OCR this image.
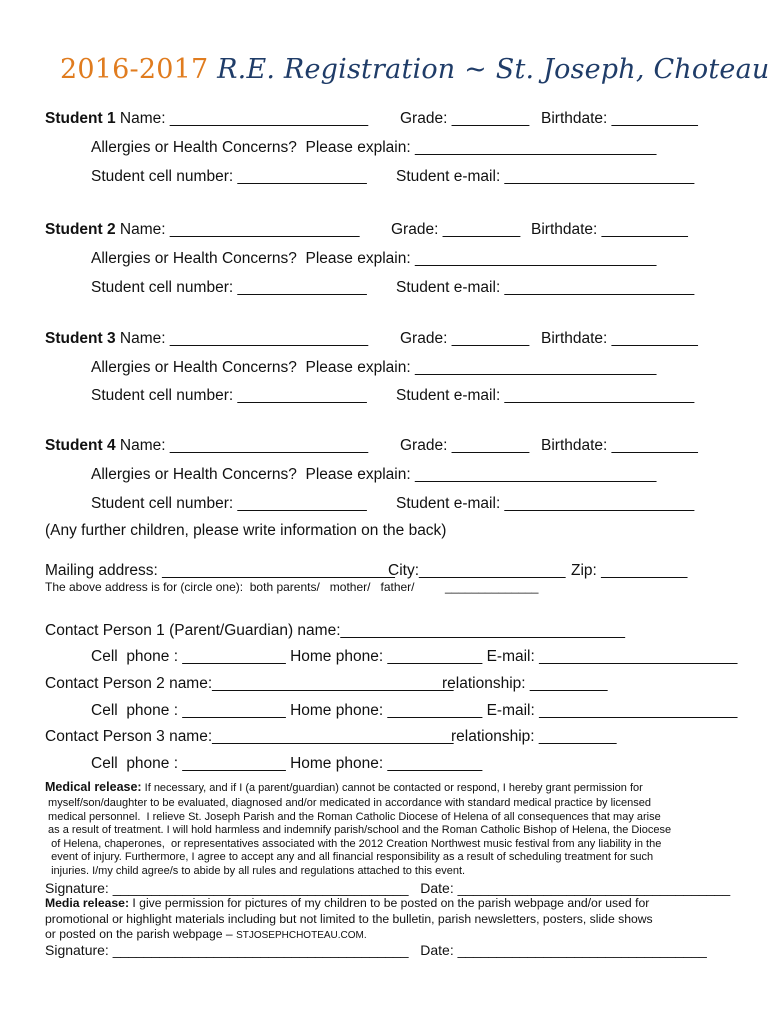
2016-2017 R.E. Registration ~ St. Joseph, Choteau
Student 1 Name: _______________________ Grade: _________ Birthdate: __________
Allergies or Health Concerns?  Please explain: ____________________________
Student cell number: _______________ Student e-mail: ______________________
Student 2 Name: ______________________ Grade: _________ Birthdate: __________
Allergies or Health Concerns?  Please explain: ____________________________
Student cell number: _______________ Student e-mail: ______________________
Student 3 Name: _______________________ Grade: _________ Birthdate: __________
Allergies or Health Concerns?  Please explain: ____________________________
Student cell number: _______________ Student e-mail: ______________________
Student 4 Name: _______________________ Grade: _________ Birthdate: __________
Allergies or Health Concerns?  Please explain: ____________________________
Student cell number: _______________ Student e-mail: ______________________
(Any further children, please write information on the back)
Mailing address: ___________________________
City:_________________ Zip: __________
The above address is for (circle one):  both parents/   mother/   father/	______________
Contact Person 1 (Parent/Guardian) name:_________________________________
Cell  phone : ____________ Home phone: ___________ E-mail: _______________________
Contact Person 2 name:____________________________
relationship: _________
Cell  phone : ____________ Home phone: ___________ E-mail: _______________________
Contact Person 3 name:____________________________
relationship: _________
Cell  phone : ____________ Home phone: ___________
Medical release: If necessary, and if I (a parent/guardian) cannot be contacted or respond, I hereby grant permission for
myself/son/daughter to be evaluated, diagnosed and/or medicated in accordance with standard medical practice by licensed
medical personnel.  I relieve St. Joseph Parish and the Roman Catholic Diocese of Helena of all consequences that may arise
as a result of treatment. I will hold harmless and indemnify parish/school and the Roman Catholic Bishop of Helena, the Diocese
of Helena, chaperones,  or representatives associated with the 2012 Creation Northwest music festival from any liability in the
event of injury. Furthermore, I agree to accept any and all financial responsibility as a result of scheduling treatment for such
injuries. I/my child agree/s to abide by all rules and regulations attached to this event.
Signature: ______________________________________   Date: ___________________________________
Media release: I give permission for pictures of my children to be posted on the parish webpage and/or used for
promotional or highlight materials including but not limited to the bulletin, parish newsletters, posters, slide shows
or posted on the parish webpage – STJOSEPHCHOTEAU.COM.
Signature: ______________________________________   Date: ________________________________
